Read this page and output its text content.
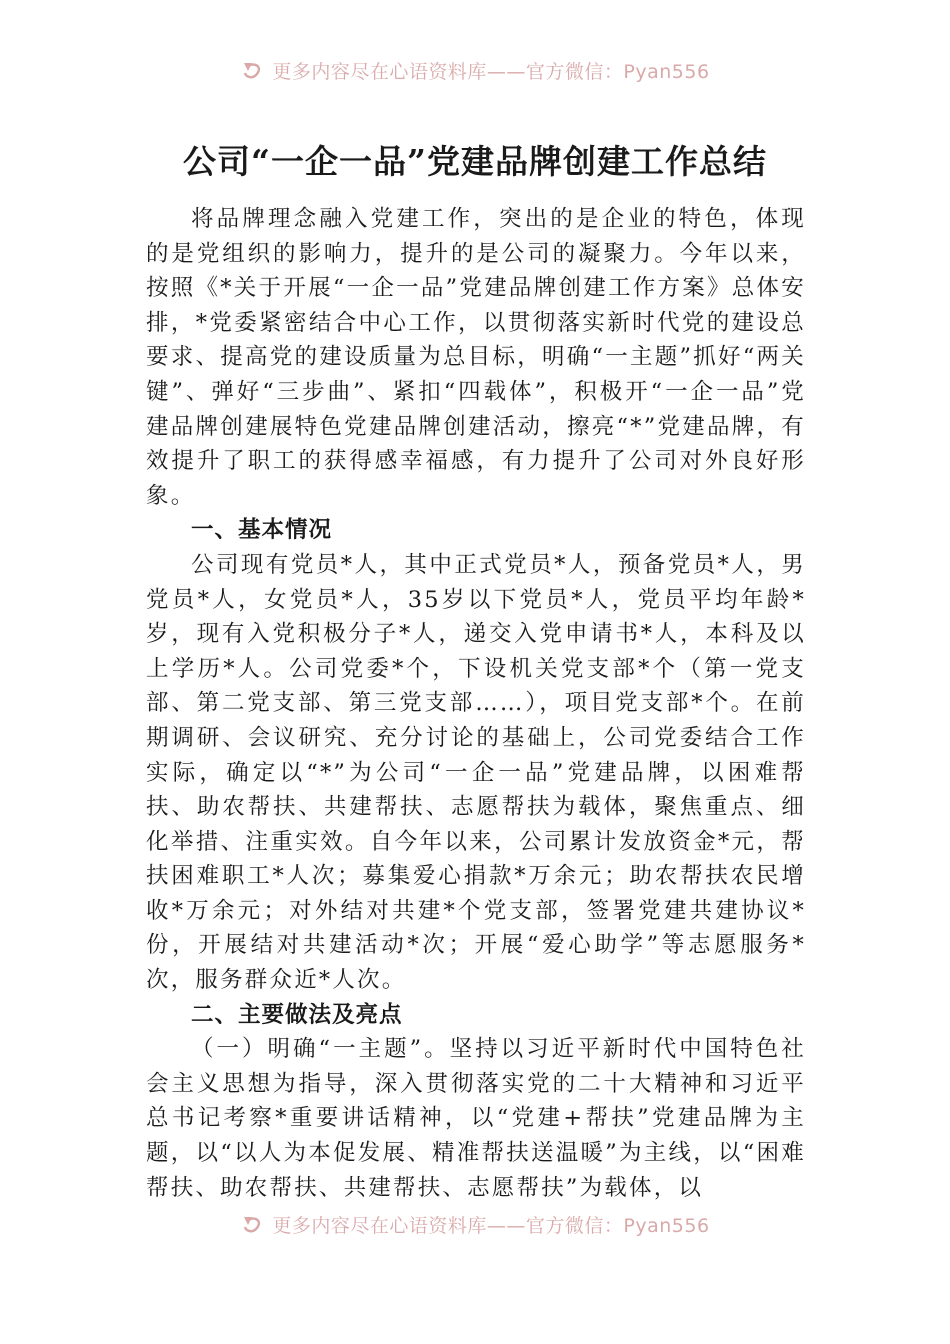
更多内容尽在心语资料库——官方微信：Pyan556
公司“一企一品”党建品牌创建工作总结

将品牌理念融入党建工作，突出的是企业的特色，体现的是党组织的影响力，提升的是公司的凝聚力。今年以来，按照《*关于开展“一企一品”党建品牌创建工作方案》总体安排，*党委紧密结合中心工作，以贯彻落实新时代党的建设总要求、提高党的建设质量为总目标，明确“一主题”抓好“两关键”、弹好“三步曲”、紧扣“四载体”，积极开“一企一品”党建品牌创建展特色党建品牌创建活动，擦亮“*”党建品牌，有效提升了职工的获得感幸福感，有力提升了公司对外良好形象。

一、基本情况

公司现有党员*人，其中正式党员*人，预备党员*人，男党员*人，女党员*人，35岁以下党员*人，党员平均年龄*岁，现有入党积极分子*人，递交入党申请书*人，本科及以上学历*人。公司党委*个，下设机关党支部*个（第一党支部、第二党支部、第三党支部……），项目党支部*个。在前期调研、会议研究、充分讨论的基础上，公司党委结合工作实际，确定以“*”为公司“一企一品”党建品牌，以困难帮扶、助农帮扶、共建帮扶、志愿帮扶为载体，聚焦重点、细化举措、注重实效。自今年以来，公司累计发放资金*元，帮扶困难职工*人次；募集爱心捐款*万余元；助农帮扶农民增收*万余元；对外结对共建*个党支部，签署党建共建协议*份，开展结对共建活动*次；开展“爱心助学”等志愿服务*次，服务群众近*人次。

二、主要做法及亮点

（一）明确“一主题”。坚持以习近平新时代中国特色社会主义思想为指导，深入贯彻落实党的二十大精神和习近平总书记考察*重要讲话精神，以“党建+帮扶”党建品牌为主题，以“以人为本促发展、精准帮扶送温暖”为主线，以“困难帮扶、助农帮扶、共建帮扶、志愿帮扶”为载体，以

更多内容尽在心语资料库——官方微信：Pyan556
